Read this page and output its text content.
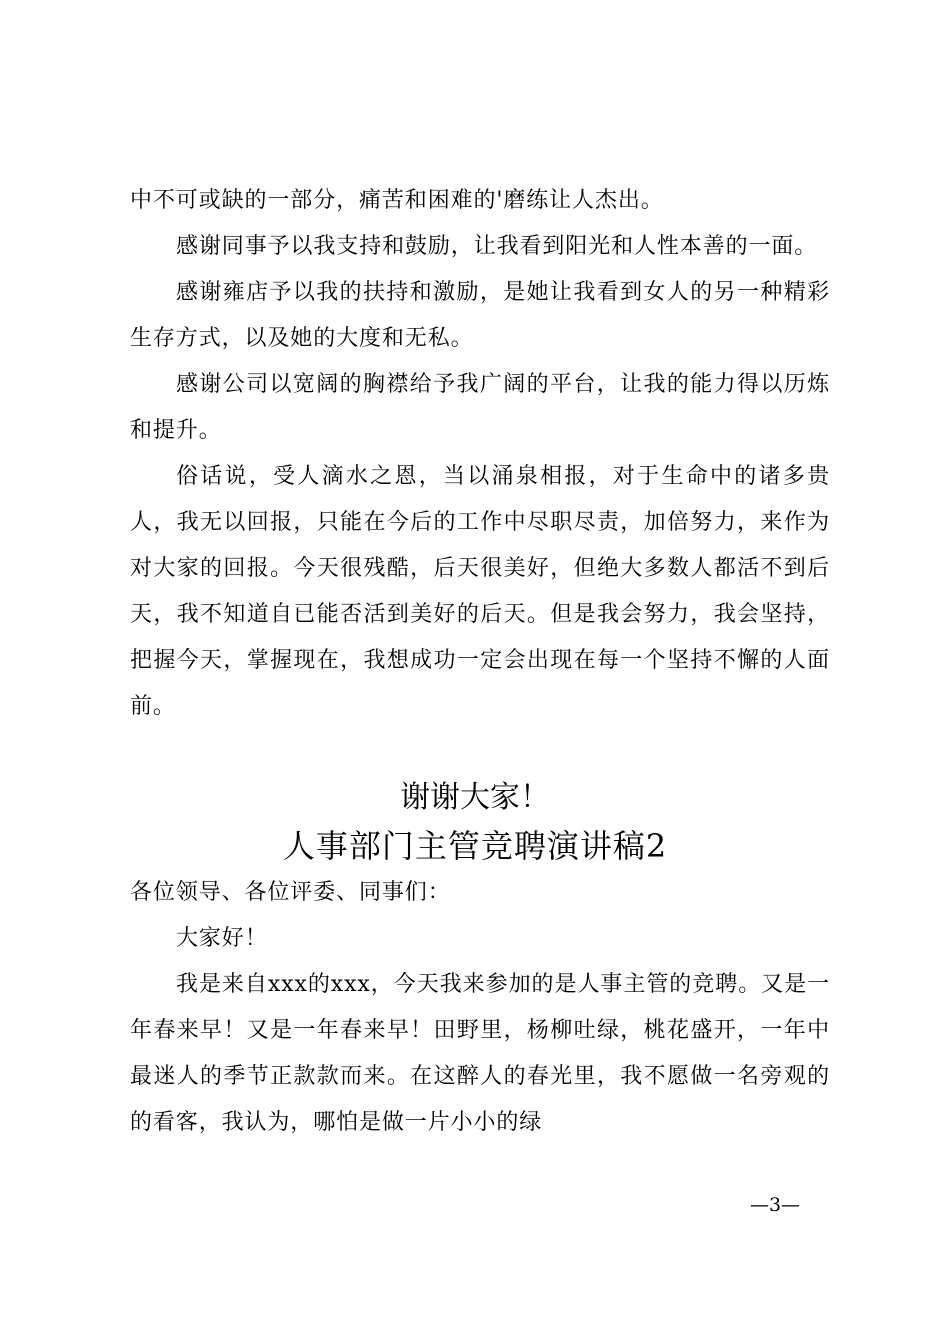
中不可或缺的一部分，痛苦和困难的'磨练让人杰出。

感谢同事予以我支持和鼓励，让我看到阳光和人性本善的一面。

感谢雍店予以我的扶持和激励，是她让我看到女人的另一种精彩生存方式，以及她的大度和无私。

感谢公司以宽阔的胸襟给予我广阔的平台，让我的能力得以历炼和提升。

俗话说，受人滴水之恩，当以涌泉相报，对于生命中的诸多贵人，我无以回报，只能在今后的工作中尽职尽责，加倍努力，来作为对大家的回报。今天很残酷，后天很美好，但绝大多数人都活不到后天，我不知道自已能否活到美好的后天。但是我会努力，我会坚持，把握今天，掌握现在，我想成功一定会出现在每一个坚持不懈的人面前。

谢谢大家！
人事部门主管竞聘演讲稿2

各位领导、各位评委、同事们：

大家好！

我是来自xxx的xxx，今天我来参加的是人事主管的竞聘。又是一年春来早！又是一年春来早！田野里，杨柳吐绿，桃花盛开，一年中最迷人的季节正款款而来。在这醉人的春光里，我不愿做一名旁观的的看客，我认为，哪怕是做一片小小的绿

—3—
